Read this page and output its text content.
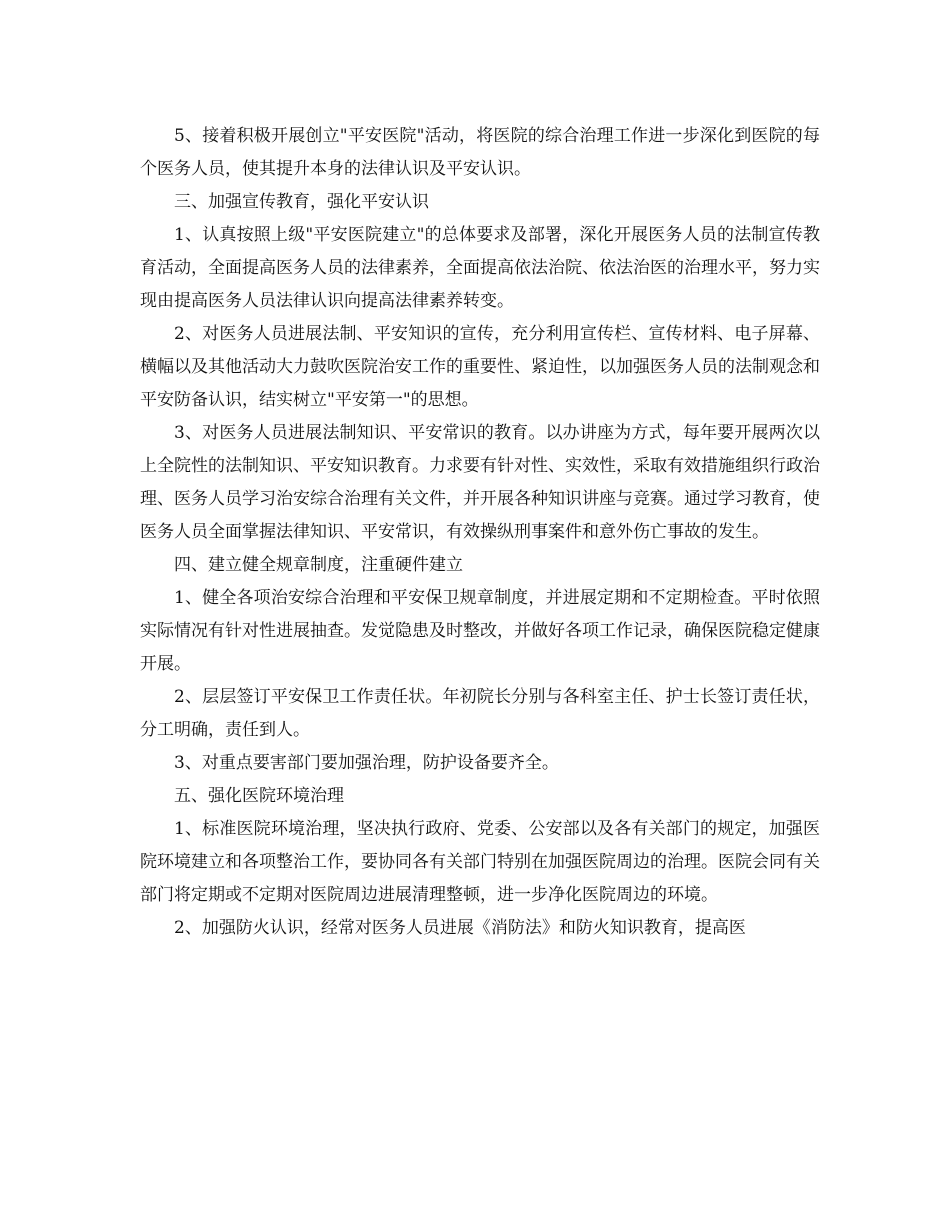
5、接着积极开展创立"平安医院"活动，将医院的综合治理工作进一步深化到医院的每个医务人员，使其提升本身的法律认识及平安认识。

三、加强宣传教育，强化平安认识

1、认真按照上级"平安医院建立"的总体要求及部署，深化开展医务人员的法制宣传教育活动，全面提高医务人员的法律素养，全面提高依法治院、依法治医的治理水平，努力实现由提高医务人员法律认识向提高法律素养转变。

2、对医务人员进展法制、平安知识的宣传，充分利用宣传栏、宣传材料、电子屏幕、横幅以及其他活动大力鼓吹医院治安工作的重要性、紧迫性，以加强医务人员的法制观念和平安防备认识，结实树立"平安第一"的思想。

3、对医务人员进展法制知识、平安常识的教育。以办讲座为方式，每年要开展两次以上全院性的法制知识、平安知识教育。力求要有针对性、实效性，采取有效措施组织行政治理、医务人员学习治安综合治理有关文件，并开展各种知识讲座与竞赛。通过学习教育，使医务人员全面掌握法律知识、平安常识，有效操纵刑事案件和意外伤亡事故的发生。

四、建立健全规章制度，注重硬件建立

1、健全各项治安综合治理和平安保卫规章制度，并进展定期和不定期检查。平时依照实际情况有针对性进展抽查。发觉隐患及时整改，并做好各项工作记录，确保医院稳定健康开展。

2、层层签订平安保卫工作责任状。年初院长分别与各科室主任、护士长签订责任状，分工明确，责任到人。

3、对重点要害部门要加强治理，防护设备要齐全。

五、强化医院环境治理

1、标准医院环境治理，坚决执行政府、党委、公安部以及各有关部门的规定，加强医院环境建立和各项整治工作，要协同各有关部门特别在加强医院周边的治理。医院会同有关部门将定期或不定期对医院周边进展清理整顿，进一步净化医院周边的环境。

2、加强防火认识，经常对医务人员进展《消防法》和防火知识教育，提高医
